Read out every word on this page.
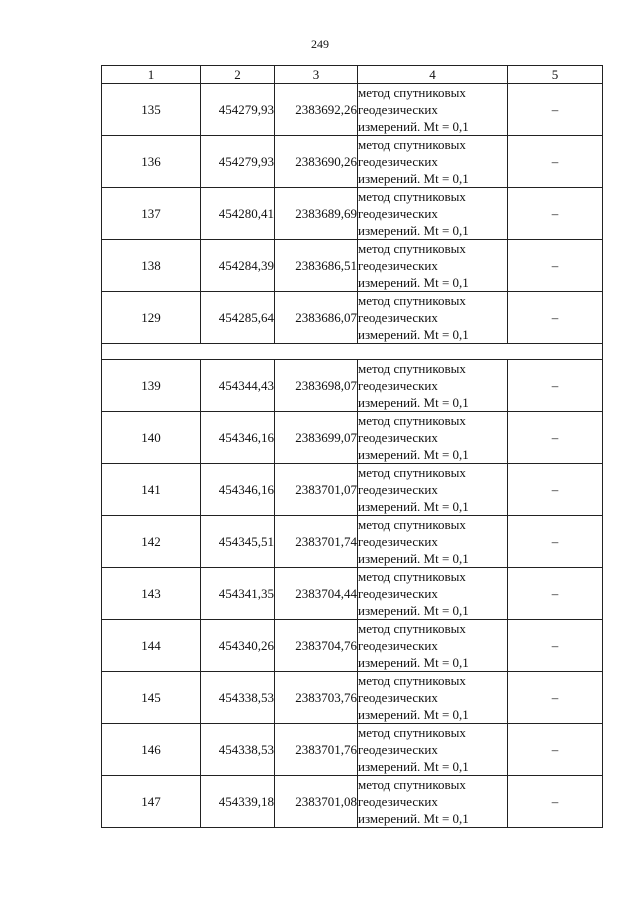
249
1	2	3	4	5
135	454279,93	2383692,26	метод спутниковых
геодезических
измерений. Mt = 0,1	–
136	454279,93	2383690,26	метод спутниковых
геодезических
измерений. Mt = 0,1	–
137	454280,41	2383689,69	метод спутниковых
геодезических
измерений. Mt = 0,1	–
138	454284,39	2383686,51	метод спутниковых
геодезических
измерений. Mt = 0,1	–
129	454285,64	2383686,07	метод спутниковых
геодезических
измерений. Mt = 0,1	–

139	454344,43	2383698,07	метод спутниковых
геодезических
измерений. Mt = 0,1	–
140	454346,16	2383699,07	метод спутниковых
геодезических
измерений. Mt = 0,1	–
141	454346,16	2383701,07	метод спутниковых
геодезических
измерений. Mt = 0,1	–
142	454345,51	2383701,74	метод спутниковых
геодезических
измерений. Mt = 0,1	–
143	454341,35	2383704,44	метод спутниковых
геодезических
измерений. Mt = 0,1	–
144	454340,26	2383704,76	метод спутниковых
геодезических
измерений. Mt = 0,1	–
145	454338,53	2383703,76	метод спутниковых
геодезических
измерений. Mt = 0,1	–
146	454338,53	2383701,76	метод спутниковых
геодезических
измерений. Mt = 0,1	–
147	454339,18	2383701,08	метод спутниковых
геодезических
измерений. Mt = 0,1	–
